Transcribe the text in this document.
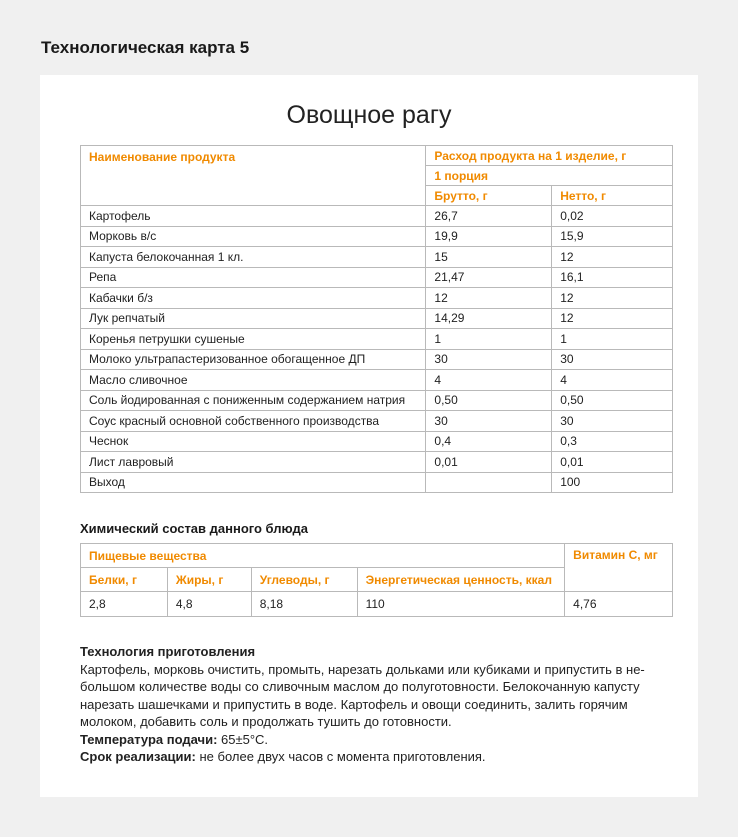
Технологическая карта 5
Овощное рагу
Наименование продукта	Расход продукта на 1 изделие, г	
	1 порция	
	Брутто, г	Нетто, г
Картофель	26,7	0,02
Морковь в/с	19,9	15,9
Капуста белокочанная 1 кл.	15	12
Репа	21,47	16,1
Кабачки б/з	12	12
Лук репчатый	14,29	12
Коренья петрушки сушеные	1	1
Молоко ультрапастеризованное обогащенное ДП	30	30
Масло сливочное	4	4
Соль йодированная с пониженным содержанием натрия	0,50	0,50
Соус красный основной собственного производства	30	30
Чеснок	0,4	0,3
Лист лавровый	0,01	0,01
Выход		100
Химический состав данного блюда
Пищевые вещества				Витамин С, мг
Белки, г	Жиры, г	Углеводы, г	Энергетическая ценность, ккал	
2,8	4,8	8,18	110	4,76

Технология приготовления

Картофель, морковь очистить, промыть, нарезать дольками или кубиками и припустить в не-

большом количестве воды со сливочным маслом до полуготовности. Белокочанную капусту

нарезать шашечками и припустить в воде. Картофель и овощи соединить, залить горячим

молоком, добавить соль и продолжать тушить до готовности.

Температура подачи: 65±5°C.

Срок реализации: не более двух часов с момента приготовления.
